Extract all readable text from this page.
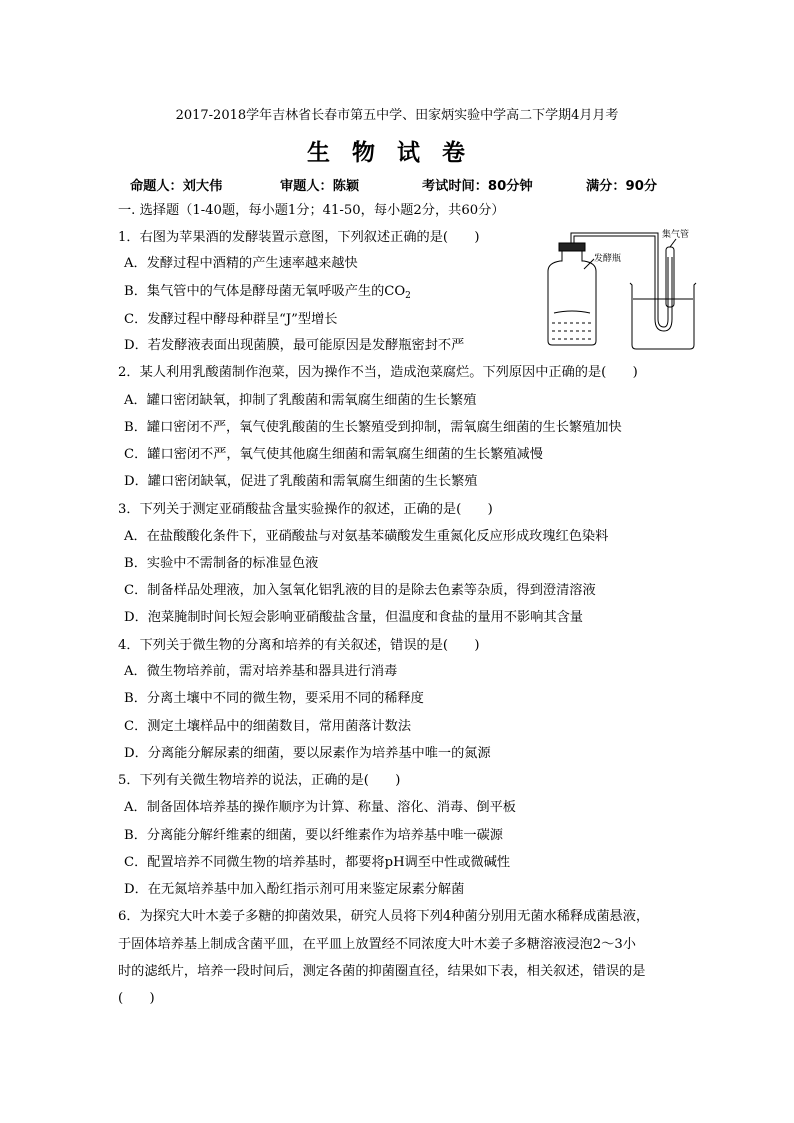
2017-2018学年吉林省长春市第五中学、田家炳实验中学高二下学期4月月考
生物试卷
命题人：刘大伟	审题人：陈颖	考试时间：80分钟	满分：90分
一. 选择题（1-40题，每小题1分；41-50，每小题2分，共60分）
1．右图为苹果酒的发酵装置示意图，下列叙述正确的是(　　)
A．发酵过程中酒精的产生速率越来越快
B．集气管中的气体是酵母菌无氧呼吸产生的$CO_2$
C．发酵过程中酵母种群呈“J”型增长
D．若发酵液表面出现菌膜，最可能原因是发酵瓶密封不严
发酵瓶
集气管
2．某人利用乳酸菌制作泡菜，因为操作不当，造成泡菜腐烂。下列原因中正确的是(　　)
A．罐口密闭缺氧，抑制了乳酸菌和需氧腐生细菌的生长繁殖
B．罐口密闭不严，氧气使乳酸菌的生长繁殖受到抑制，需氧腐生细菌的生长繁殖加快
C．罐口密闭不严，氧气使其他腐生细菌和需氧腐生细菌的生长繁殖减慢
D．罐口密闭缺氧，促进了乳酸菌和需氧腐生细菌的生长繁殖
3．下列关于测定亚硝酸盐含量实验操作的叙述，正确的是(　　)
A．在盐酸酸化条件下，亚硝酸盐与对氨基苯磺酸发生重氮化反应形成玫瑰红色染料
B．实验中不需制备的标准显色液
C．制备样品处理液，加入氢氧化铝乳液的目的是除去色素等杂质，得到澄清溶液
D．泡菜腌制时间长短会影响亚硝酸盐含量，但温度和食盐的量用不影响其含量
4．下列关于微生物的分离和培养的有关叙述，错误的是(　　)
A．微生物培养前，需对培养基和器具进行消毒
B．分离土壤中不同的微生物，要采用不同的稀释度
C．测定土壤样品中的细菌数目，常用菌落计数法
D．分离能分解尿素的细菌，要以尿素作为培养基中唯一的氮源
5．下列有关微生物培养的说法，正确的是(　　)
A．制备固体培养基的操作顺序为计算、称量、溶化、消毒、倒平板
B．分离能分解纤维素的细菌，要以纤维素作为培养基中唯一碳源
C．配置培养不同微生物的培养基时，都要将pH调至中性或微碱性
D．在无氮培养基中加入酚红指示剂可用来鉴定尿素分解菌
6．为探究大叶木姜子多糖的抑菌效果，研究人员将下列4种菌分别用无菌水稀释成菌悬液，
于固体培养基上制成含菌平皿，在平皿上放置经不同浓度大叶木姜子多糖溶液浸泡2～3小
时的滤纸片，培养一段时间后，测定各菌的抑菌圈直径，结果如下表，相关叙述，错误的是
(　　)
